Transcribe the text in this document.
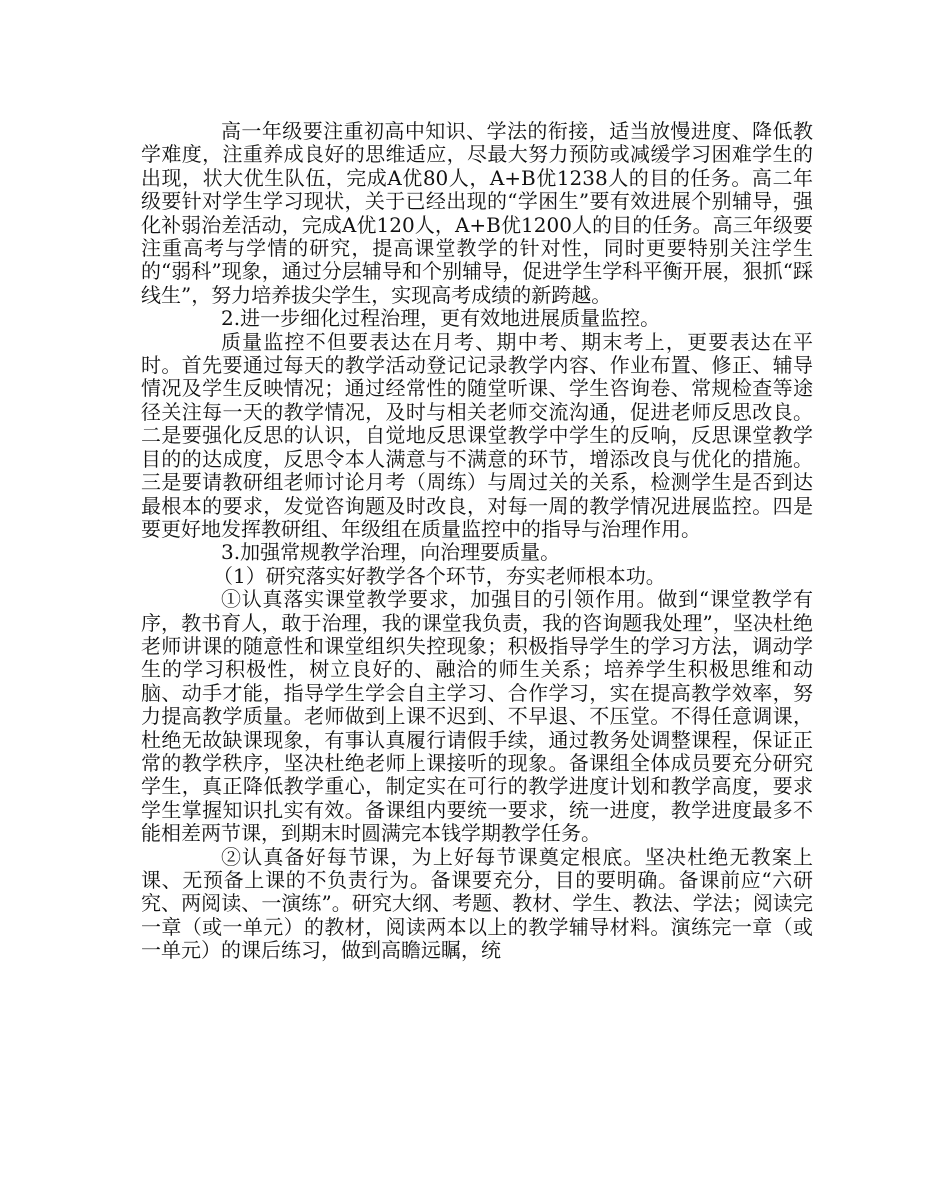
高一年级要注重初高中知识、学法的衔接，适当放慢进度、降低教学难度，注重养成良好的思维适应，尽最大努力预防或减缓学习困难学生的出现，状大优生队伍，完成A优80人，A+B优1238人的目的任务。高二年级要针对学生学习现状，关于已经出现的“学困生”要有效进展个别辅导，强化补弱治差活动，完成A优120人，A+B优1200人的目的任务。高三年级要注重高考与学情的研究，提高课堂教学的针对性，同时更要特别关注学生的“弱科”现象，通过分层辅导和个别辅导，促进学生学科平衡开展，狠抓“踩线生”，努力培养拔尖学生，实现高考成绩的新跨越。

2.进一步细化过程治理，更有效地进展质量监控。

质量监控不但要表达在月考、期中考、期末考上，更要表达在平时。首先要通过每天的教学活动登记记录教学内容、作业布置、修正、辅导情况及学生反映情况；通过经常性的随堂听课、学生咨询卷、常规检查等途径关注每一天的教学情况，及时与相关老师交流沟通，促进老师反思改良。二是要强化反思的认识，自觉地反思课堂教学中学生的反响，反思课堂教学目的的达成度，反思令本人满意与不满意的环节，增添改良与优化的措施。三是要请教研组老师讨论月考（周练）与周过关的关系，检测学生是否到达最根本的要求，发觉咨询题及时改良，对每一周的教学情况进展监控。四是要更好地发挥教研组、年级组在质量监控中的指导与治理作用。

3.加强常规教学治理，向治理要质量。

（1）研究落实好教学各个环节，夯实老师根本功。

①认真落实课堂教学要求，加强目的引领作用。做到“课堂教学有序，教书育人，敢于治理，我的课堂我负责，我的咨询题我处理”，坚决杜绝老师讲课的随意性和课堂组织失控现象；积极指导学生的学习方法，调动学生的学习积极性，树立良好的、融洽的师生关系；培养学生积极思维和动脑、动手才能，指导学生学会自主学习、合作学习，实在提高教学效率，努力提高教学质量。老师做到上课不迟到、不早退、不压堂。不得任意调课，杜绝无故缺课现象，有事认真履行请假手续，通过教务处调整课程，保证正常的教学秩序，坚决杜绝老师上课接听的现象。备课组全体成员要充分研究学生，真正降低教学重心，制定实在可行的教学进度计划和教学高度，要求学生掌握知识扎实有效。备课组内要统一要求，统一进度，教学进度最多不能相差两节课，到期末时圆满完本钱学期教学任务。

②认真备好每节课，为上好每节课奠定根底。坚决杜绝无教案上课、无预备上课的不负责行为。备课要充分，目的要明确。备课前应“六研究、两阅读、一演练”。研究大纲、考题、教材、学生、教法、学法；阅读完一章（或一单元）的教材，阅读两本以上的教学辅导材料。演练完一章（或一单元）的课后练习，做到高瞻远瞩，统
